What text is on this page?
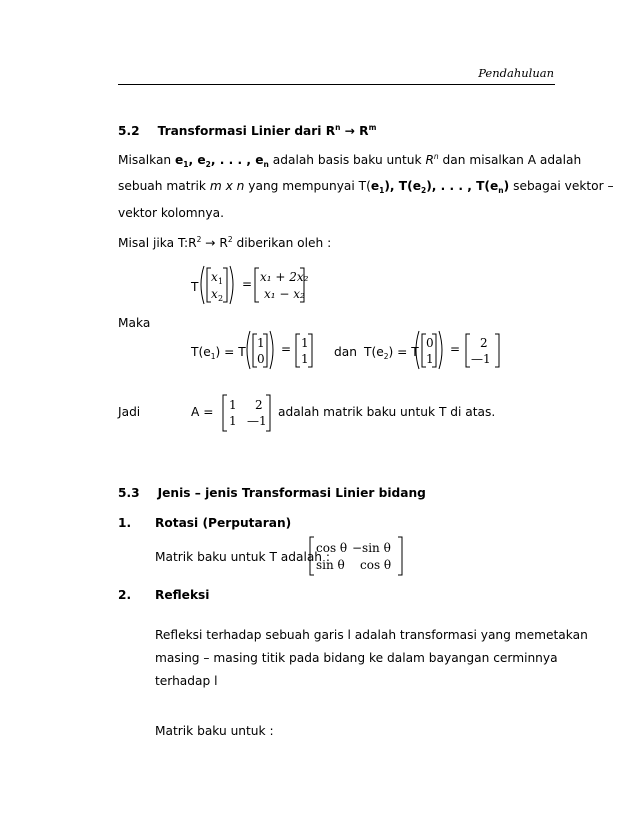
Pendahuluan
5.2 Transformasi Linier dari $R^n \to R^m$
Misalkan $e_1$, $e_2$, . . . , $e_n$ adalah basis baku untuk $R^n$ dan misalkan A adalah
sebuah matrik m x n yang mempunyai $T(e_1)$, $T(e_2)$, . . . , $T(e_n)$ sebagai vektor –
vektor kolomnya.
Misal jika $T:R^2 \to R^2$ diberikan oleh :
T
x 1
x 2
= x₁ + 2x₂
x₁ − x₂
Maka
$T(e_1) = T$
1
0
= 1
1 dan $T(e_2) = T$
0
1
= 2
—1
Jadi	A = 1 2
1 —1
adalah matrik baku untuk T di atas.
5.3 Jenis – jenis Transformasi Linier bidang
1. Rotasi (Perputaran)
Matrik baku untuk T adalah :
cos θ −sin θ
sin θ cos θ
2. Refleksi
Refleksi terhadap sebuah garis l adalah transformasi yang memetakan
masing – masing titik pada bidang ke dalam bayangan cerminnya
terhadap l
Matrik baku untuk :
